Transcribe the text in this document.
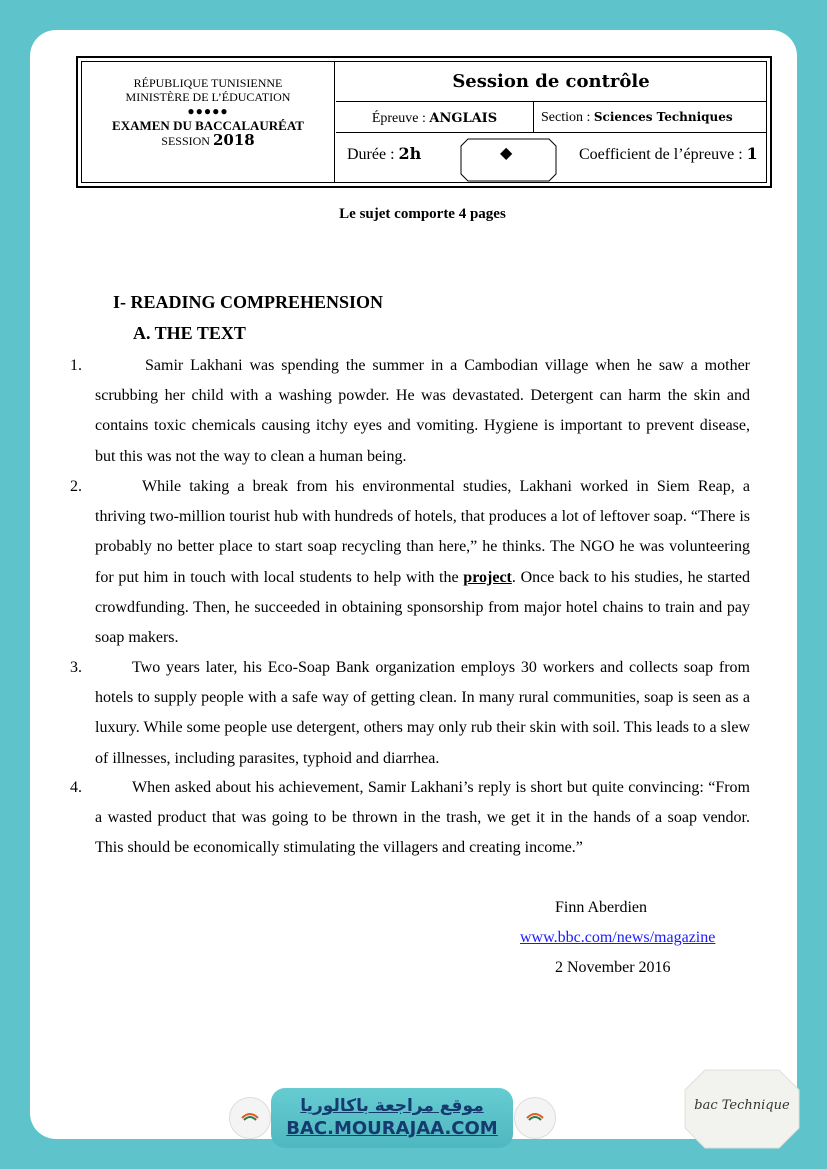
RÉPUBLIQUE TUNISIENNE
MINISTÈRE DE L’ÉDUCATION
●●●●●
EXAMEN DU BACCALAURÉAT
SESSION 2018
Session de contrôle
Épreuve : ANGLAIS	Section : Sciences Techniques
Durée : 2h	◆	Coefficient de l’épreuve : 1
Le sujet comporte 4 pages
I- READING COMPREHENSION
A. THE TEXT
1.	Samir Lakhani was spending the summer in a Cambodian village when he saw a mother scrubbing her child with a washing powder. He was devastated. Detergent can harm the skin and contains toxic chemicals causing itchy eyes and vomiting. Hygiene is important to prevent disease, but this was not the way to clean a human being.
2.	While taking a break from his environmental studies, Lakhani worked in Siem Reap, a thriving two-million tourist hub with hundreds of hotels, that produces a lot of leftover soap. “There is probably no better place to start soap recycling than here,” he thinks. The NGO he was volunteering for put him in touch with local students to help with the project. Once back to his studies, he started crowdfunding. Then, he succeeded in obtaining sponsorship from major hotel chains to train and pay soap makers.
3.	Two years later, his Eco-Soap Bank organization employs 30 workers and collects soap from hotels to supply people with a safe way of getting clean. In many rural communities, soap is seen as a luxury. While some people use detergent, others may only rub their skin with soil. This leads to a slew of illnesses, including parasites, typhoid and diarrhea.
4.	When asked about his achievement, Samir Lakhani’s reply is short but quite convincing: “From a wasted product that was going to be thrown in the trash, we get it in the hands of a soap vendor. This should be economically stimulating the villagers and creating income.”
Finn Aberdien
www.bbc.com/news/magazine
2 November 2016
موقع مراجعة باكالوريا
BAC.MOURAJAA.COM
bac Technique
